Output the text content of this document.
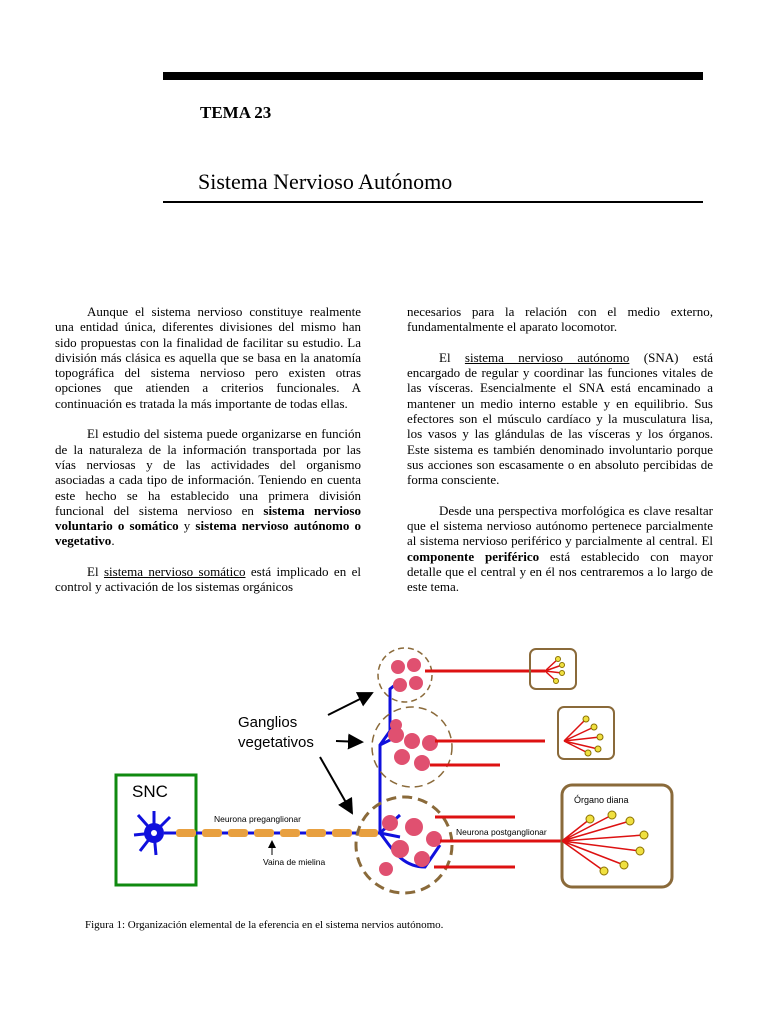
TEMA 23
Sistema Nervioso Autónomo

Aunque el sistema nervioso constituye realmente una entidad única, diferentes divisiones del mismo han sido propuestas con la finalidad de facilitar su estudio. La división más clásica es aquella que se basa en la anatomía topográfica del sistema nervioso pero existen otras opciones que atienden a criterios funcionales. A continuación es tratada la más importante de todas ellas.

El estudio del sistema puede organizarse en función de la naturaleza de la información transportada por las vías nerviosas y de las actividades del organismo asociadas a cada tipo de información. Teniendo en cuenta este hecho se ha establecido una primera división funcional del sistema nervioso en sistema nervioso voluntario o somático y sistema nervioso autónomo o vegetativo.

El sistema nervioso somático está implicado en el control y activación de los sistemas orgánicos

necesarios para la relación con el medio externo, fundamentalmente el aparato locomotor.

El sistema nervioso autónomo (SNA) está encargado de regular y coordinar las funciones vitales de las vísceras. Esencialmente el SNA está encaminado a mantener un medio interno estable y en equilibrio. Sus efectores son el músculo cardíaco y la musculatura lisa, los vasos y las glándulas de las vísceras y los órganos. Este sistema es también denominado involuntario porque sus acciones son escasamente o en absoluto percibidas de forma consciente.

Desde una perspectiva morfológica es clave resaltar que el sistema nervioso autónomo pertenece parcialmente al sistema nervioso periférico y parcialmente al central. El componente periférico está establecido con mayor detalle que el central y en él nos centraremos a lo largo de este tema.

SNC
Neurona preganglionar
Vaina de mielina
Ganglios
vegetativos
Neurona postganglionar
Órgano diana
Figura 1: Organización elemental de la eferencia en el sistema nervios autónomo.
